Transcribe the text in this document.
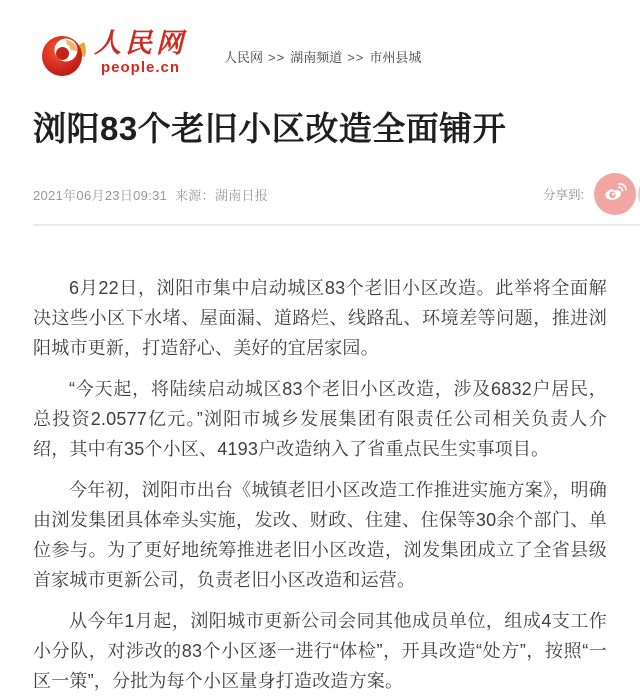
人民网
people.cn
人民网 >> 湖南频道 >> 市州县城
浏阳83个老旧小区改造全面铺开
2021年06月23日09:31 来源：湖南日报	分享到:

6月22日，浏阳市集中启动城区83个老旧小区改造。此举将全面解决这些小区下水堵、屋面漏、道路烂、线路乱、环境差等问题，推进浏阳城市更新，打造舒心、美好的宜居家园。

“今天起，将陆续启动城区83个老旧小区改造，涉及6832户居民，总投资2.0577亿元。”浏阳市城乡发展集团有限责任公司相关负责人介绍，其中有35个小区、4193户改造纳入了省重点民生实事项目。

今年初，浏阳市出台《城镇老旧小区改造工作推进实施方案》，明确由浏发集团具体牵头实施，发改、财政、住建、住保等30余个部门、单位参与。为了更好地统筹推进老旧小区改造，浏发集团成立了全省县级首家城市更新公司，负责老旧小区改造和运营。

从今年1月起，浏阳城市更新公司会同其他成员单位，组成4支工作小分队，对涉改的83个小区逐一进行“体检”，开具改造“处方”，按照“一区一策”，分批为每个小区量身打造改造方案。
